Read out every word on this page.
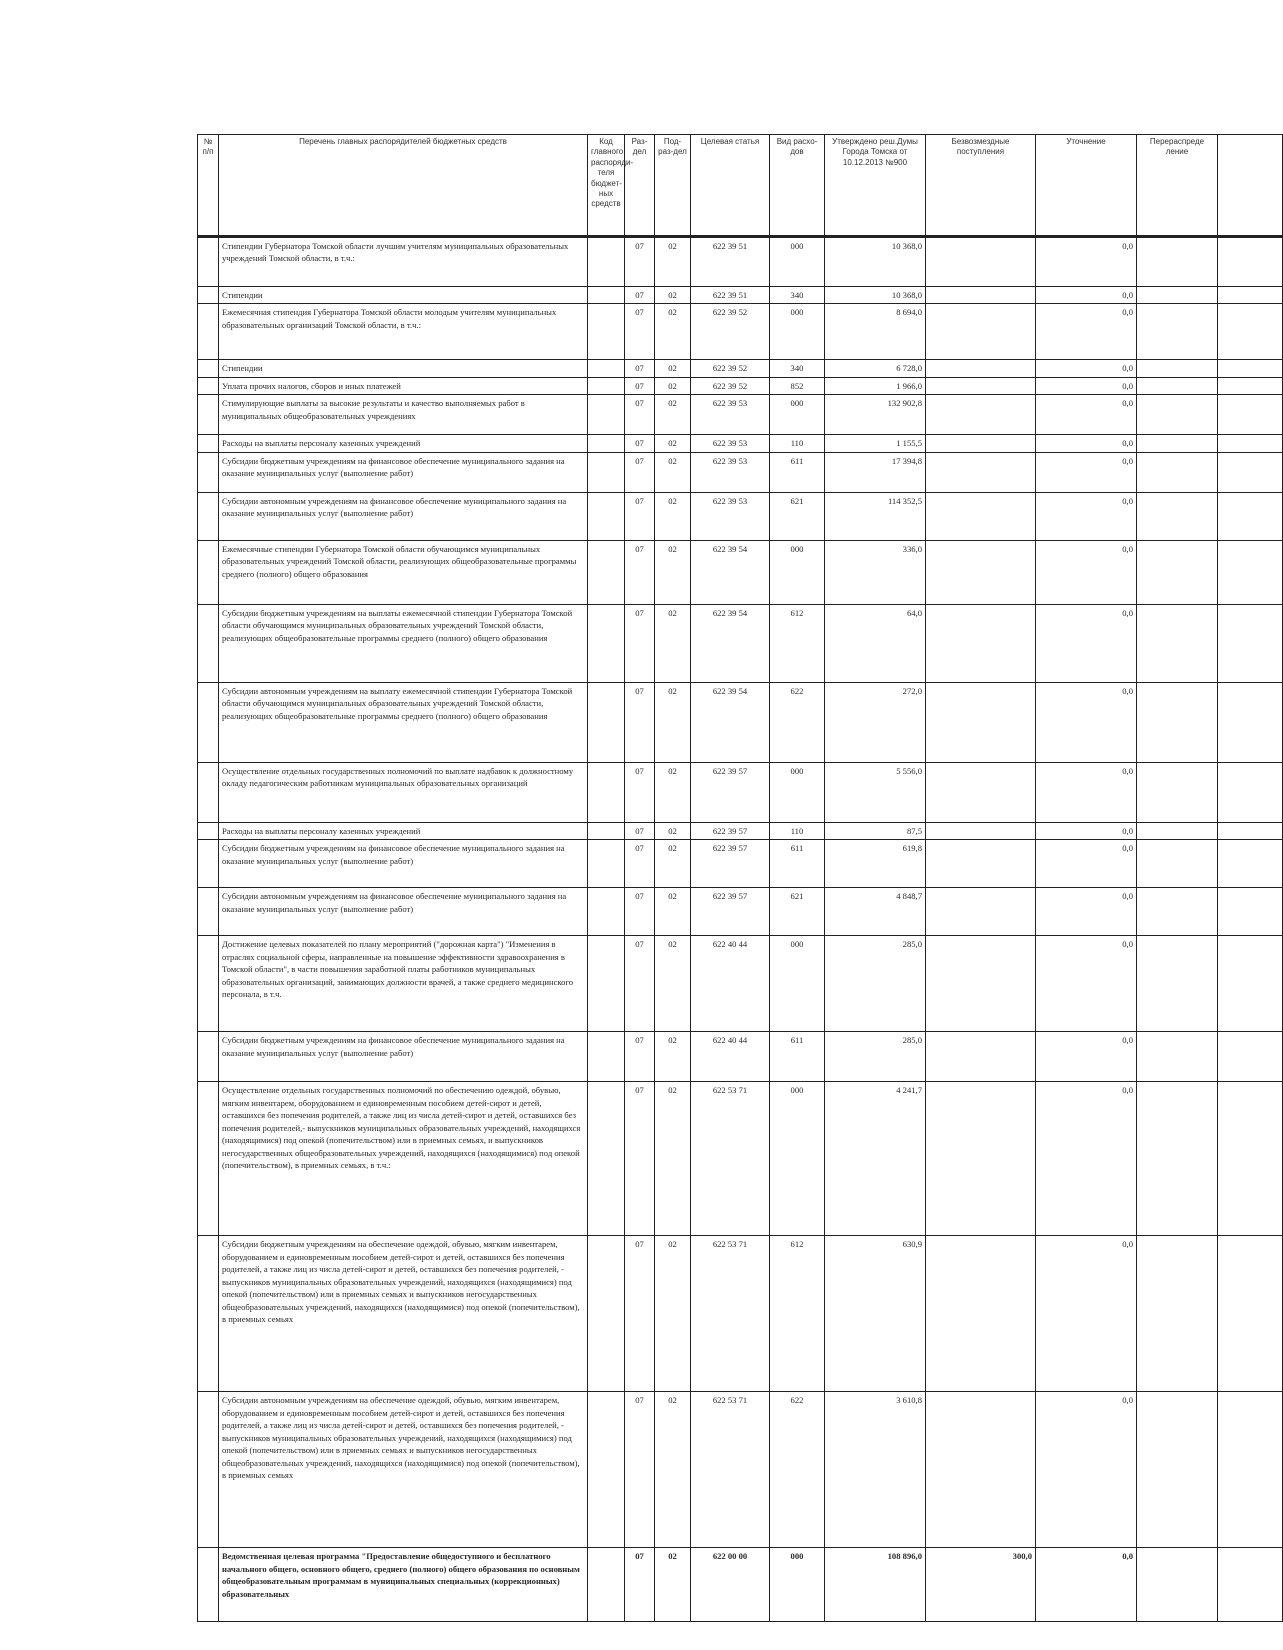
№ п/п	Перечень главных распорядителей бюджетных средств	Код главного распоряди-теля бюджет-ных средств	Раз-дел	Под-раз-дел	Целевая статья	Вид расхо-дов	Утверждено реш.Думы Города Томска от 10.12.2013 №900	Безвозмездные поступления	Уточнение	Перераспреде ление	
	Стипендии Губернатора Томской области лучшим учителям муниципальных образовательных учреждений Томской области, в т.ч.:		07	02	622 39 51	000	10 368,0		0,0		
	Стипендии		07	02	622 39 51	340	10 368,0		0,0		
	Ежемесячная стипендия Губернатора Томской области молодым учителям муниципальных образовательных организаций Томской области, в т.ч.:		07	02	622 39 52	000	8 694,0		0,0		
	Стипендии		07	02	622 39 52	340	6 728,0		0,0		
	Уплата прочих налогов, сборов и иных платежей		07	02	622 39 52	852	1 966,0		0,0		
	Стимулирующие выплаты за высокие результаты и качество выполняемых работ в муниципальных общеобразовательных учреждениях		07	02	622 39 53	000	132 902,8		0,0		
	Расходы на выплаты персоналу казенных учреждений		07	02	622 39 53	110	1 155,5		0,0		
	Субсидии бюджетным учреждениям на финансовое обеспечение муниципального задания на оказание муниципальных услуг (выполнение работ)		07	02	622 39 53	611	17 394,8		0,0		
	Субсидии автономным учреждениям на финансовое обеспечение муниципального задания на оказание муниципальных услуг (выполнение работ)		07	02	622 39 53	621	114 352,5		0,0		
	Ежемесячные стипендии Губернатора Томской области обучающимся муниципальных образовательных учреждений Томской области, реализующих общеобразовательные программы среднего (полного) общего образования		07	02	622 39 54	000	336,0		0,0		
	Субсидии бюджетным учреждениям на выплаты ежемесячной стипендии Губернатора Томской области обучающимся муниципальных образовательных учреждений Томской области, реализующих общеобразовательные программы среднего (полного) общего образования		07	02	622 39 54	612	64,0		0,0		
	Субсидии автономным учреждениям на выплату ежемесячной стипендии Губернатора Томской области обучающимся муниципальных образовательных учреждений Томской области, реализующих общеобразовательные программы среднего (полного) общего образования		07	02	622 39 54	622	272,0		0,0		
	Осуществление отдельных государственных полномочий по выплате надбавок к должностному окладу педагогическим работникам муниципальных образовательных организаций		07	02	622 39 57	000	5 556,0		0,0		
	Расходы на выплаты персоналу казенных учреждений		07	02	622 39 57	110	87,5		0,0		
	Субсидии бюджетным учреждениям на финансовое обеспечение муниципального задания на оказание муниципальных услуг (выполнение работ)		07	02	622 39 57	611	619,8		0,0		
	Субсидии автономным учреждениям на финансовое обеспечение муниципального задания на оказание муниципальных услуг (выполнение работ)		07	02	622 39 57	621	4 848,7		0,0		
	Достижение целевых показателей по плану мероприятий ("дорожная карта") "Изменения в отраслях социальной сферы, направленные на повышение эффективности здравоохранения в Томской области", в части повышения заработной платы работников муниципальных образовательных организаций, занимающих должности врачей, а также среднего медицинского персонала, в т.ч.		07	02	622 40 44	000	285,0		0,0		
	Субсидии бюджетным учреждениям на финансовое обеспечение муниципального задания на оказание муниципальных услуг (выполнение работ)		07	02	622 40 44	611	285,0		0,0		
	Осуществление отдельных государственных полномочий по обеспечению одеждой, обувью, мягким инвентарем, оборудованием и единовременным пособием детей-сирот и детей, оставшихся без попечения родителей, а также лиц из числа детей-сирот и детей, оставшихся без попечения родителей,- выпускников муниципальных образовательных учреждений, находящихся (находящимися) под опекой (попечительством) или в приемных семьях, и выпускников негосударственных общеобразовательных учреждений, находящихся (находящимися) под опекой (попечительством), в приемных семьях, в т.ч.:		07	02	622 53 71	000	4 241,7		0,0		
	Субсидии бюджетным учреждениям на обеспечение одеждой, обувью, мягким инвентарем, оборудованием и единовременным пособием детей-сирот и детей, оставшихся без попечения родителей, а также лиц из числа детей-сирот и детей, оставшихся без попечения родителей, - выпускников муниципальных образовательных учреждений, находящихся (находящимися) под опекой (попечительством) или в приемных семьях и выпускников негосударственных общеобразовательных учреждений, находящихся (находящимися) под опекой (попечительством), в приемных семьях		07	02	622 53 71	612	630,9		0,0		
	Субсидии автономным учреждениям на обеспечение одеждой, обувью, мягким инвентарем, оборудованием и единовременным пособием детей-сирот и детей, оставшихся без попечения родителей, а также лиц из числа детей-сирот и детей, оставшихся без попечения родителей, - выпускников муниципальных образовательных учреждений, находящихся (находящимися) под опекой (попечительством) или в приемных семьях и выпускников негосударственных общеобразовательных учреждений, находящихся (находящимися) под опекой (попечительством), в приемных семьях		07	02	622 53 71	622	3 610,8		0,0		
	Ведомственная целевая программа "Предоставление общедоступного и бесплатного начального общего, основного общего, среднего (полного) общего образования по основным общеобразовательным программам в муниципальных специальных (коррекционных) образовательных		07	02	622 00 00	000	108 896,0	300,0	0,0		
